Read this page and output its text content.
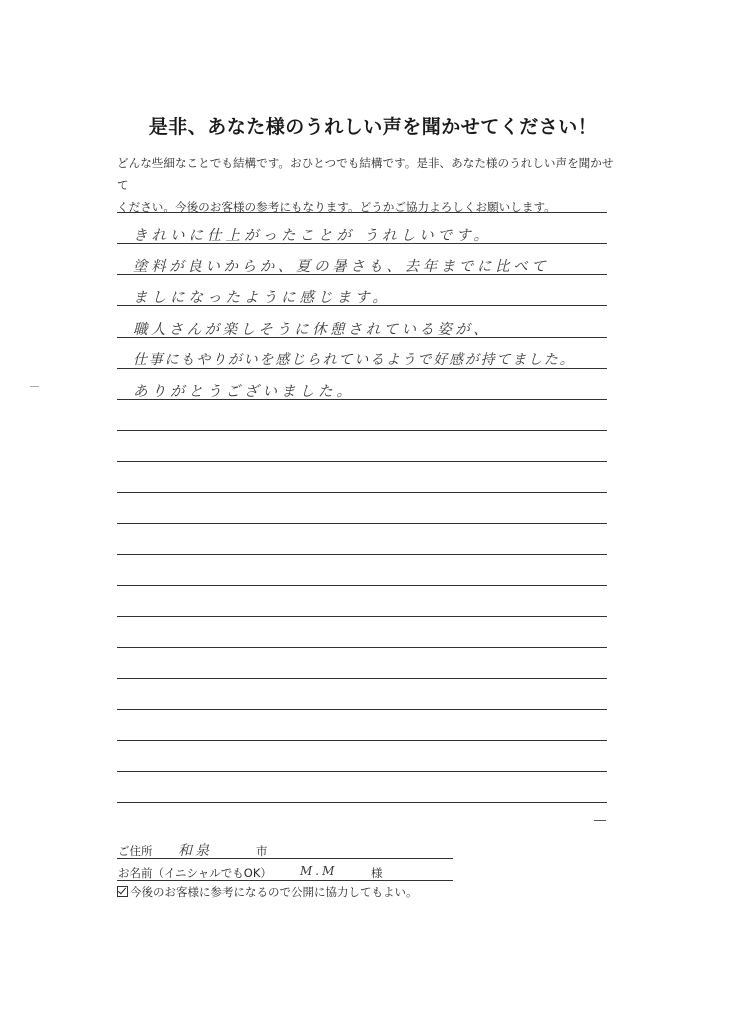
是非、あなた様のうれしい声を聞かせてください！
どんな些細なことでも結構です。おひとつでも結構です。是非、あなた様のうれしい声を聞かせて
ください。今後のお客様の参考にもなります。どうかご協力よろしくお願いします。
きれいに仕上がったことが うれしいです。
塗料が良いからか、夏の暑さも、去年までに比べて
ましになったように感じます。
職人さんが楽しそうに休憩されている姿が、
仕事にもやりがいを感じられているようで好感が持てました。
ありがとうございました。
ご住所 和泉	市
お名前（イニシャルでもOK） M.M	様
今後のお客様に参考になるので公開に協力してもよい。
